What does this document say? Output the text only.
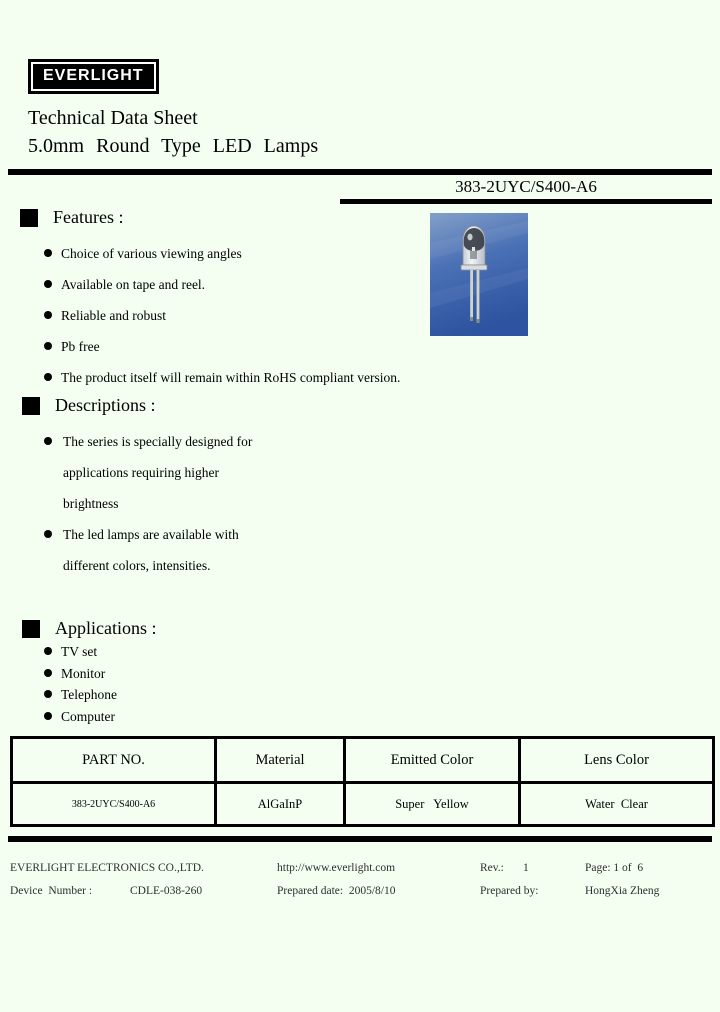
EVERLIGHT
Technical Data Sheet
5.0mm Round Type LED Lamps
383-2UYC/S400-A6
Features :
Choice of various viewing angles
Available on tape and reel.
Reliable and robust
Pb free
The product itself will remain within RoHS compliant version.
Descriptions :
The series is specially designed for
applications requiring higher
brightness
The led lamps are available with
different colors, intensities.
Applications :
TV set
Monitor
Telephone
Computer
PART NO.	Material	Emitted Color	Lens Color
383-2UYC/S400-A6	AlGaInP	Super   Yellow	Water  Clear
EVERLIGHT ELECTRONICS CO.,LTD.	http://www.everlight.com	Rev.: 1	Page: 1 of  6
Device  Number :	CDLE-038-260	Prepared date:  2005/8/10	Prepared by:	HongXia Zheng
